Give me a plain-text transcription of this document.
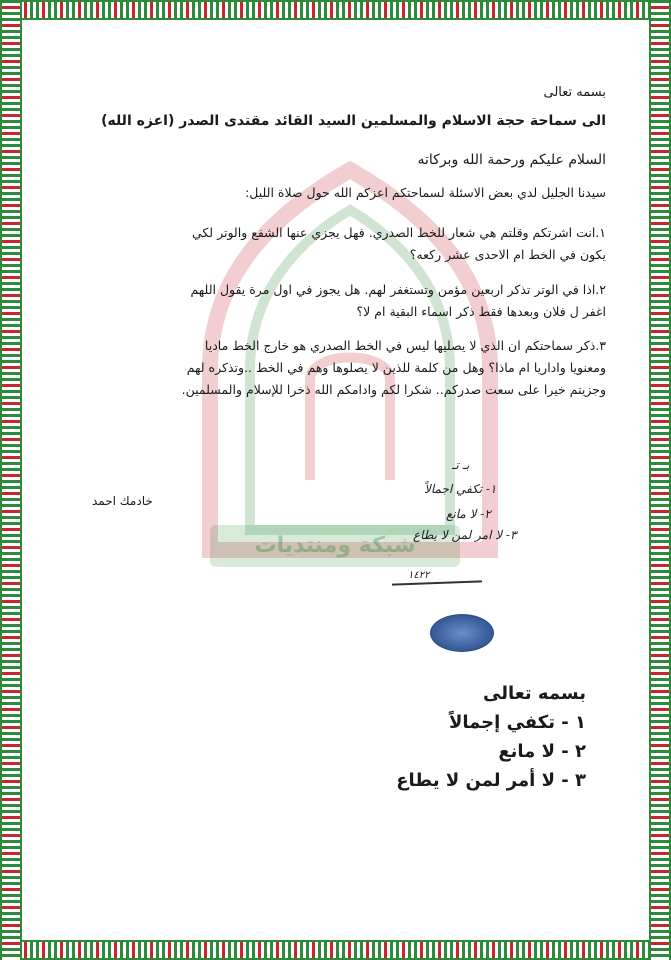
شبكة ومنتديات
بسمه تعالى
الى سماحة حجة الاسلام والمسلمين السيد القائد مقتدى الصدر (اعزه الله)
السلام عليكم ورحمة الله وبركاته
سيدنا الجليل لدي بعض الاسئلة لسماحتكم اعزكم الله حول صلاة الليل:
١.انت اشرتكم وقلتم هي شعار للخط الصدري. فهل يجزي عنها الشفع والوتر لكي يكون في الخط ام الاحدى عشر ركعه؟
٢.اذا في الوتر تذكر اربعين مؤمن وتستغفر لهم. هل يجوز في اول مرة يقول اللهم اغفر ل فلان وبعدها فقط ذكر اسماء البقية ام لا؟
٣.ذكر سماحتكم ان الذي لا يصليها ليس في الخط الصدري هو خارج الخط ماديا ومعنويا واداريا ام ماذا؟ وهل من كلمة للذين لا يصلوها وهم في الخط ..وتذكره لهم وجزيتم خيرا على سعت صدركم.. شكرا لكم وادامكم الله ذخرا للإسلام والمسلمين.
خادمك احمد
بـ تـ
١- تكفي اجمالاً
٢- لا مانع
٣- لا امر لمن لا يطاع
١٤٢٢
بسمه تعالى
١ - تكفي إجمالاً
٢ - لا مانع
٣ - لا أمر لمن لا يطاع
